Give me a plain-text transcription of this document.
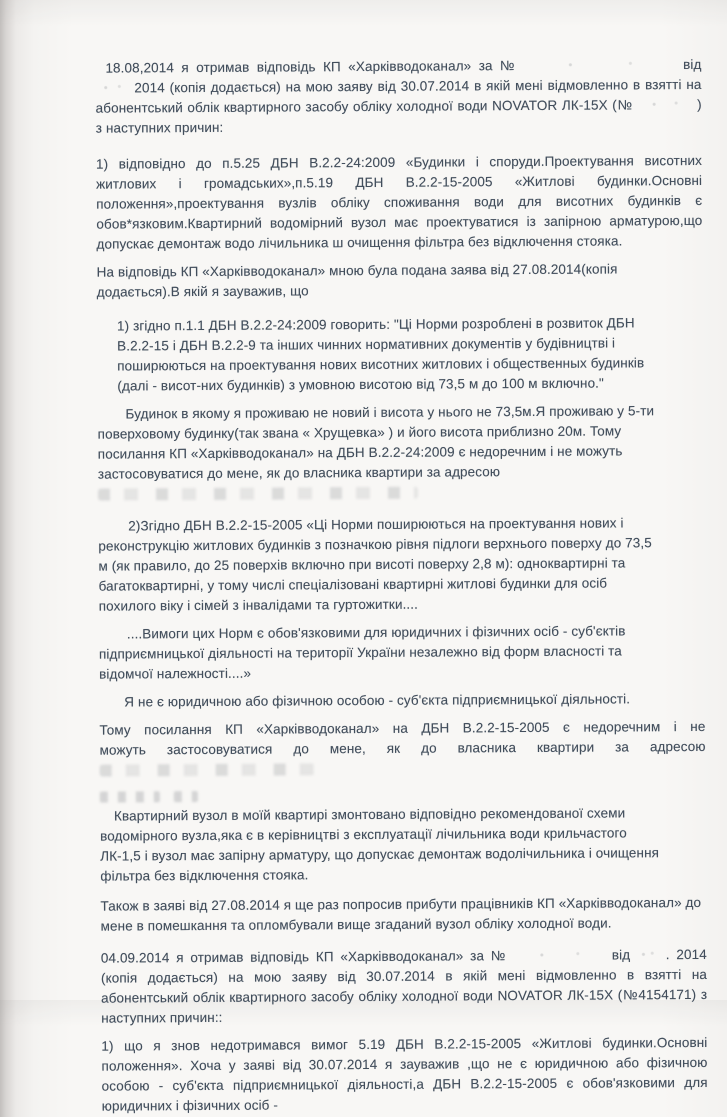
18.08,2014 я отримав відповідь КП «Харківводоканал» за №	від  2014 (копія додається) на мою заяву від 30.07.2014 в якій мені відмовленно в взятті на абонентський облік квартирного засобу обліку холодної води NOVATOR ЛК-15Х (№	) з наступних причин:

1) відповідно до п.5.25 ДБН В.2.2-24:2009 «Будинки і споруди.Проектування висотних житлових і громадських»,п.5.19 ДБН В.2.2-15-2005 «Житлові будинки.Основні положення»,проектування вузлів обліку споживання води для висотних будинків є обов*язковим.Квартирний водомірний вузол має проектуватися із запірною арматурою,що допускає демонтаж водо лічильника ш очищення фільтра без відключення стояка.

На відповідь КП «Харківводоканал» мною була подана заява від 27.08.2014(копія додається).В якій я зауважив, що

1) згідно п.1.1 ДБН В.2.2-24:2009 говорить: "Ці Норми розроблені в розвиток ДБН В.2.2-15 і ДБН В.2.2-9 та інших чинних нормативних документів у будівництві і поширюються на проектування нових висотних житлових і общественных будинків (далі - висот-них будинків) з умовною висотою від 73,5 м до 100 м включно."

Будинок в якому я проживаю не новий і висота у нього не 73,5м.Я проживаю у 5-ти поверховому будинку(так звана « Хрущевка» ) и його висота приблизно 20м. Тому посилання КП «Харківводоканал» на ДБН В.2.2-24:2009 є недоречним і не можуть застосовуватися до мене, як до власника квартири за адресою

2)Згідно ДБН В.2.2-15-2005 «Ці Норми поширюються на проектування нових і реконструкцію житлових будинків з позначкою рівня підлоги верхнього поверху до 73,5 м (як правило, до 25 поверхів включно при висоті поверху 2,8 м): одноквартирні та багатоквартирні, у тому числі спеціалізовані квартирні житлові будинки для осіб похилого віку і сімей з інвалідами та гуртожитки....

....Вимоги цих Норм є обов'язковими для юридичних і фізичних осіб - суб'єктів підприємницької діяльності на території України незалежно від форм власності та відомчої належності....»

Я не є юридичною або фізичною особою - суб'єкта підприємницької діяльності.

Тому посилання КП «Харківводоканал» на ДБН В.2.2-15-2005 є недоречним і не можуть застосовуватися до мене, як до власника квартири за адресою

Квартирний вузол в моїй квартирі змонтовано відповідно рекомендованої схеми водомірного вузла,яка є в керівництві з експлуатації лічильника води крильчастого ЛК-1,5 і вузол має запірну арматуру, що допускає демонтаж водолічильника і очищення фільтра без відключення стояка.

Також в заяві від 27.08.2014 я ще раз попросив прибути працівників КП «Харківводоканал» до мене в помешкання та опломбували вище згаданий вузол обліку холодної води.

04.09.2014 я отримав відповідь КП «Харківводоканал» за №	від  . 2014 (копія додається) на мою заяву від 30.07.2014 в якій мені відмовленно в взятті на абонентський облік квартирного засобу обліку холодної води NOVATOR ЛК-15Х (№4154171) з наступних причин::

1) що я знов недотримався вимог 5.19 ДБН В.2.2-15-2005 «Житлові будинки.Основні положення». Хоча у заяві від 30.07.2014 я зауважив ,що не є юридичною або фізичною особою - суб'єкта підприємницької діяльності,а ДБН В.2.2-15-2005 є обов'язковими для юридичних і фізичних осіб -
